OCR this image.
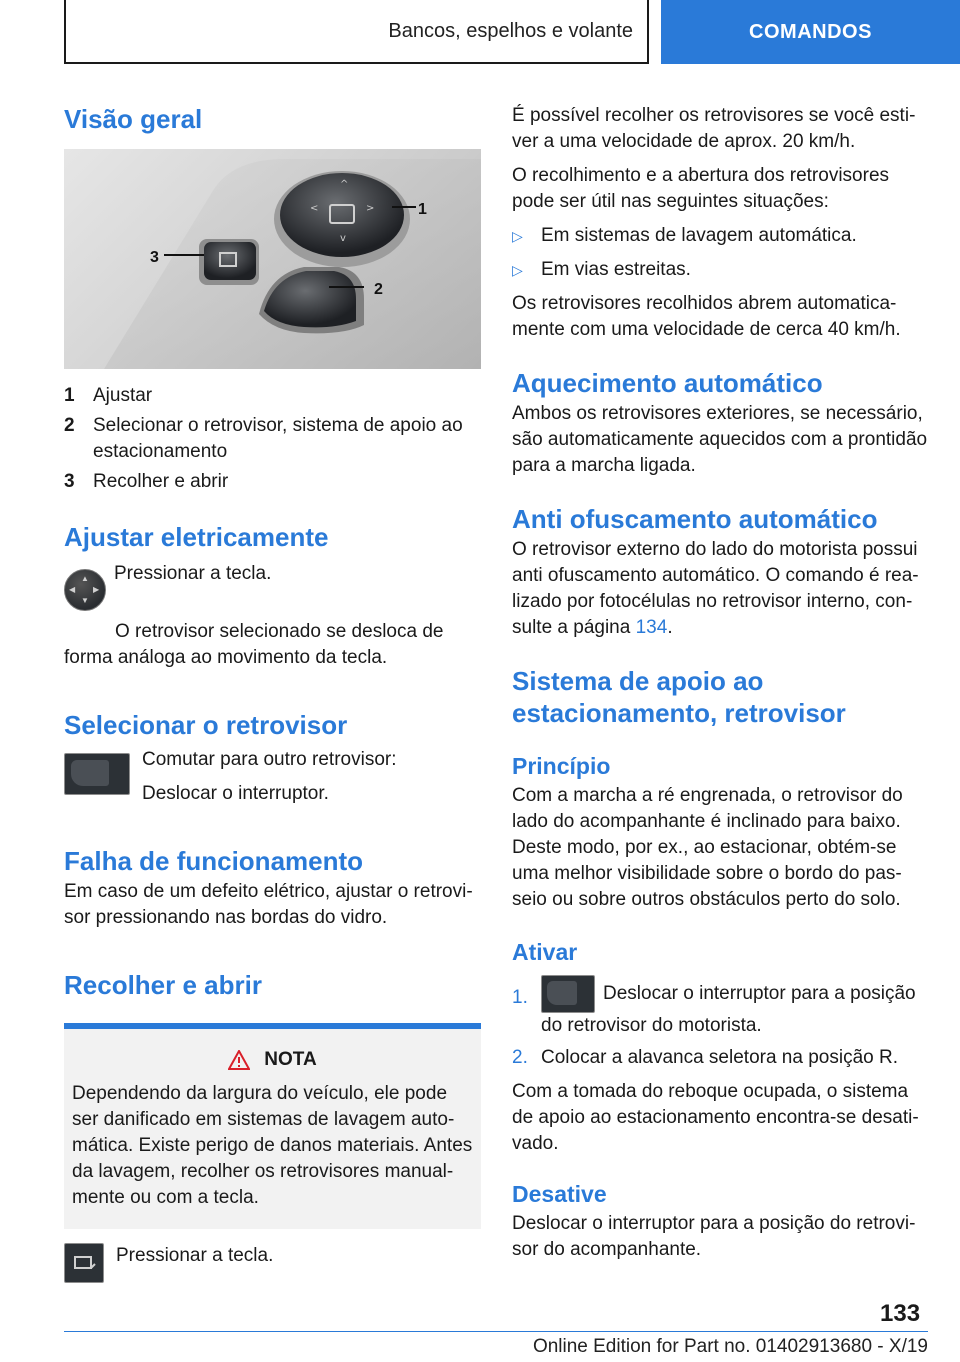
Bancos, espelhos e volante	COMANDOS
Visão geral
^
<	>
v
1
2
3
1 Ajustar
2 Selecionar o retrovisor, sistema de apoio ao estacionamento
3 Recolher e abrir
Ajustar eletricamente
▲
▼
◀ ▶

Pressionar a tecla.

O retrovisor selecionado se desloca de forma análoga ao movimento da tecla.

Selecionar o retrovisor

Comutar para outro retrovisor:

Deslocar o interruptor.

Falha de funcionamento

Em caso de um defeito elétrico, ajustar o retrovisor pressionando nas bordas do vidro.

Recolher e abrir
NOTA

Dependendo da largura do veículo, ele pode ser danificado em sistemas de lavagem automática. Existe perigo de danos materiais. Antes da lavagem, recolher os retrovisores manualmente ou com a tecla.

Pressionar a tecla.

É possível recolher os retrovisores se você estiver a uma velocidade de aprox. 20 km/h.

O recolhimento e a abertura dos retrovisores pode ser útil nas seguintes situações:

▷ Em sistemas de lavagem automática.
▷ Em vias estreitas.

Os retrovisores recolhidos abrem automaticamente com uma velocidade de cerca 40 km/h.

Aquecimento automático

Ambos os retrovisores exteriores, se necessário, são automaticamente aquecidos com a prontidão para a marcha ligada.

Anti ofuscamento automático

O retrovisor externo do lado do motorista possui anti ofuscamento automático. O comando é realizado por fotocélulas no retrovisor interno, consulte a página 134.

Sistema de apoio ao estacionamento, retrovisor
Princípio

Com a marcha a ré engrenada, o retrovisor do lado do acompanhante é inclinado para baixo. Deste modo, por ex., ao estacionar, obtém-se uma melhor visibilidade sobre o bordo do passeio ou sobre outros obstáculos perto do solo.

Ativar
1.	Deslocar o interruptor para a posição do retrovisor do motorista.
2. Colocar a alavanca seletora na posição R.

Com a tomada do reboque ocupada, o sistema de apoio ao estacionamento encontra-se desativado.

Desative

Deslocar o interruptor para a posição do retrovisor do acompanhante.

133
Online Edition for Part no. 01402913680 - X/19
